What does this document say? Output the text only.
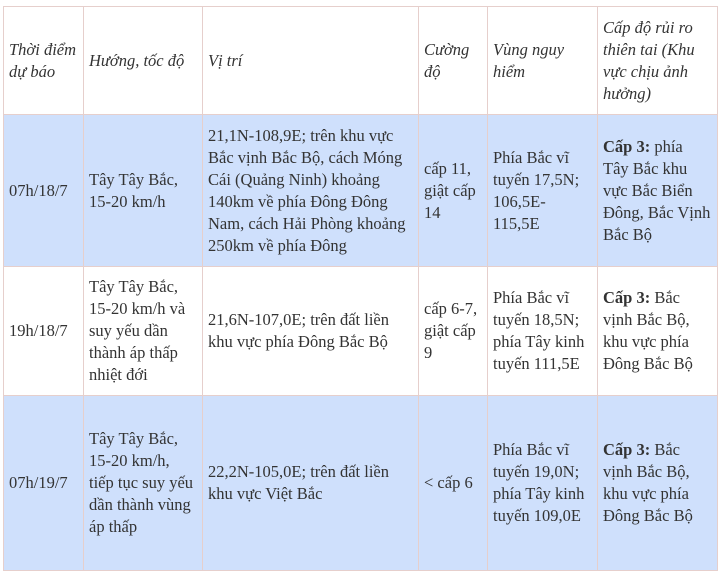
Thời điểm dự báo	Hướng, tốc độ	Vị trí	Cường độ	Vùng nguy hiểm	Cấp độ rủi ro thiên tai (Khu vực chịu ảnh hưởng)
07h/18/7	Tây Tây Bắc, 15-20 km/h	21,1N-108,9E; trên khu vực Bắc vịnh Bắc Bộ, cách Móng Cái (Quảng Ninh) khoảng 140km về phía Đông Đông Nam, cách Hải Phòng khoảng 250km về phía Đông	cấp 11, giật cấp 14	Phía Bắc vĩ tuyến 17,5N; 106,5E-115,5E	Cấp 3: phía Tây Bắc khu vực Bắc Biển Đông, Bắc Vịnh Bắc Bộ
19h/18/7	Tây Tây Bắc, 15-20 km/h và suy yếu dần thành áp thấp nhiệt đới	21,6N-107,0E; trên đất liền khu vực phía Đông Bắc Bộ	cấp 6-7, giật cấp 9	Phía Bắc vĩ tuyến 18,5N; phía Tây kinh tuyến 111,5E	Cấp 3: Bắc vịnh Bắc Bộ, khu vực phía Đông Bắc Bộ
07h/19/7	Tây Tây Bắc, 15-20 km/h, tiếp tục suy yếu dần thành vùng áp thấp	22,2N-105,0E; trên đất liền khu vực Việt Bắc	< cấp 6	Phía Bắc vĩ tuyến 19,0N; phía Tây kinh tuyến 109,0E	Cấp 3: Bắc vịnh Bắc Bộ, khu vực phía Đông Bắc Bộ
